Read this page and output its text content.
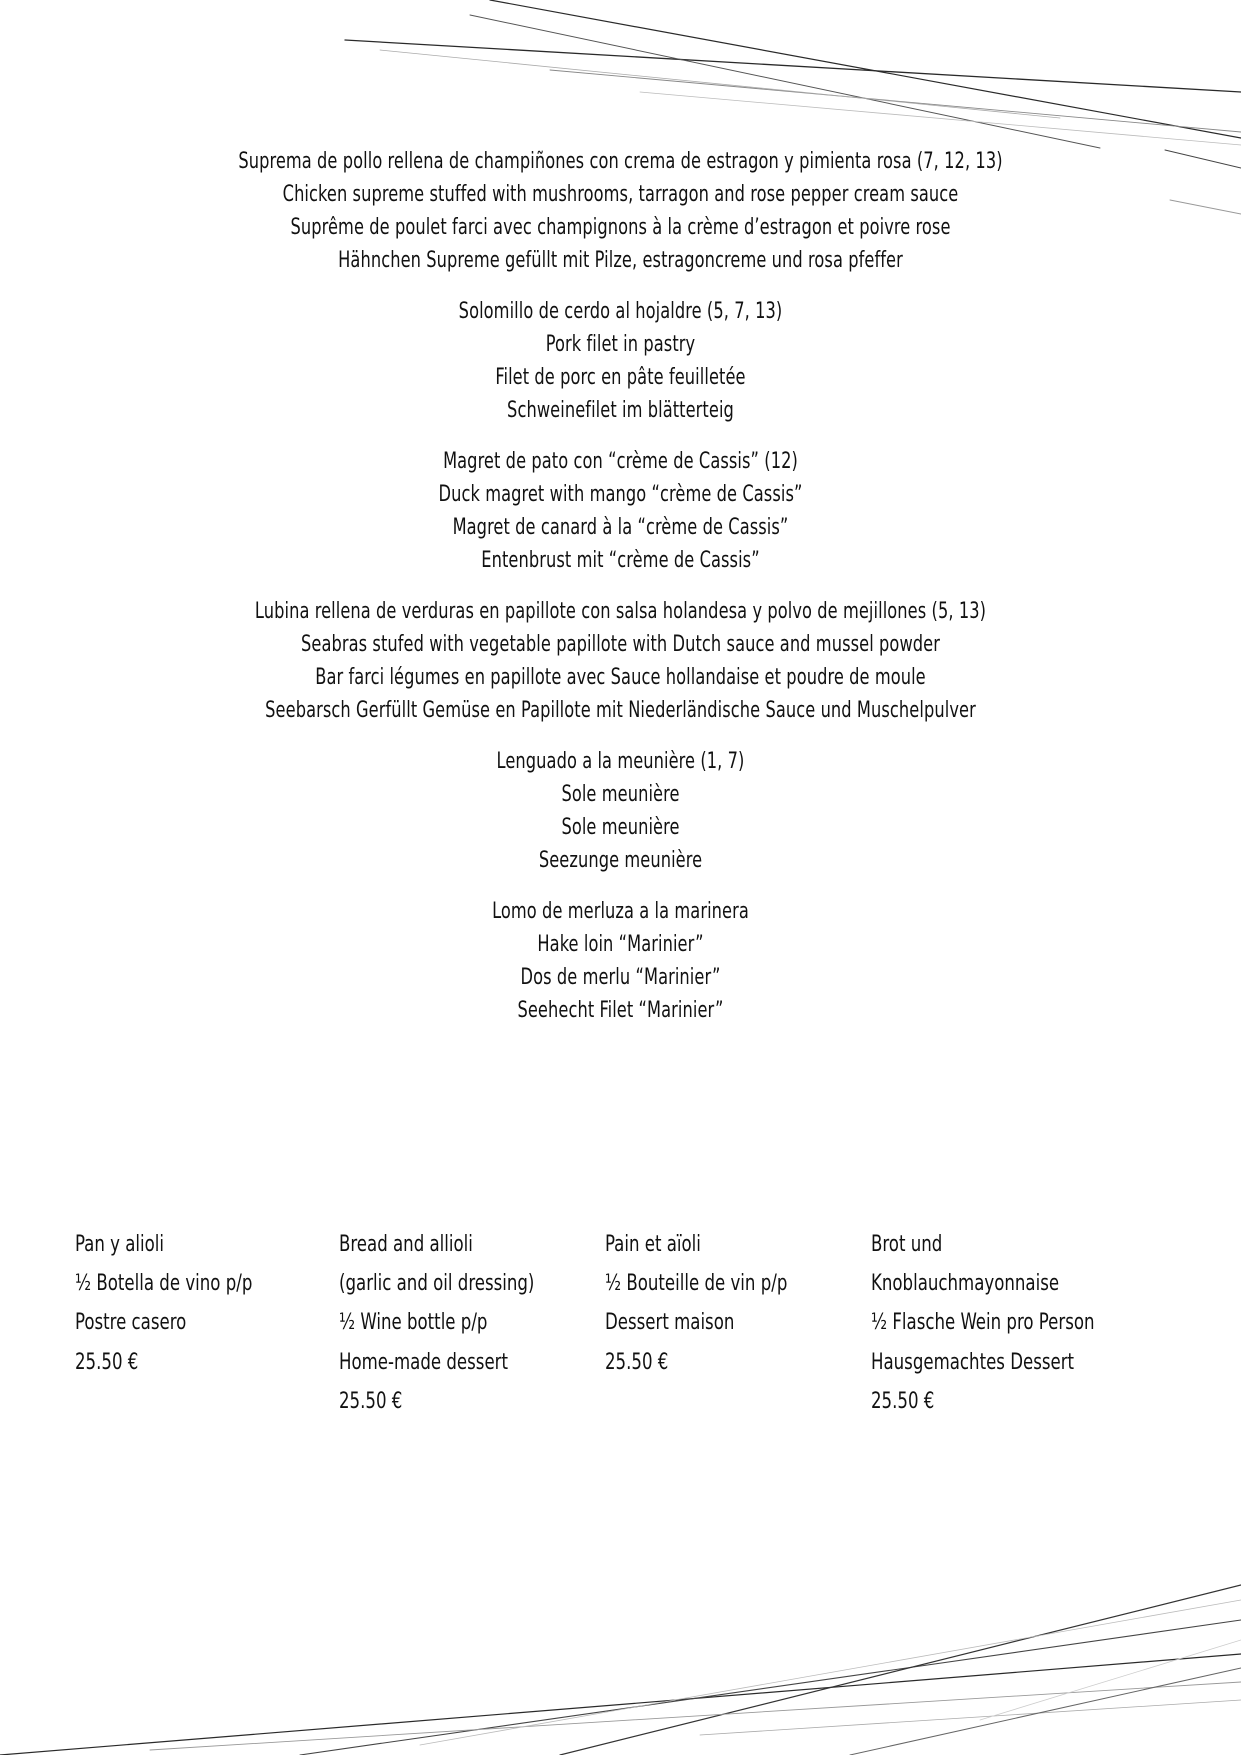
Suprema de pollo rellena de champiñones con crema de estragon y pimienta rosa (7, 12, 13)
Chicken supreme stuffed with mushrooms, tarragon and rose pepper cream sauce
Suprême de poulet farci avec champignons à la crème d’estragon et poivre rose
Hähnchen Supreme gefüllt mit Pilze, estragoncreme und rosa pfeffer
Solomillo de cerdo al hojaldre (5, 7, 13)
Pork filet in pastry
Filet de porc en pâte feuilletée
Schweinefilet im blätterteig
Magret de pato con “crème de Cassis” (12)
Duck magret with mango “crème de Cassis”
Magret de canard à la “crème de Cassis”
Entenbrust mit “crème de Cassis”
Lubina rellena de verduras en papillote con salsa holandesa y polvo de mejillones (5, 13)
Seabras stufed with vegetable papillote with Dutch sauce and mussel powder
Bar farci légumes en papillote avec Sauce hollandaise et poudre de moule
Seebarsch Gerfüllt Gemüse en Papillote mit Niederländische Sauce und Muschelpulver
Lenguado a la meunière (1, 7)
Sole meunière
Sole meunière
Seezunge meunière
Lomo de merluza a la marinera
Hake loin “Marinier”
Dos de merlu “Marinier”
Seehecht Filet “Marinier”
Pan y alioli
½ Botella de vino p/p
Postre casero
25.50 €
Bread and allioli
(garlic and oil dressing)
½ Wine bottle p/p
Home-made dessert
25.50 €
Pain et aïoli
½ Bouteille de vin p/p
Dessert maison
25.50 €
Brot und
Knoblauchmayonnaise
½ Flasche Wein pro Person
Hausgemachtes Dessert
25.50 €
